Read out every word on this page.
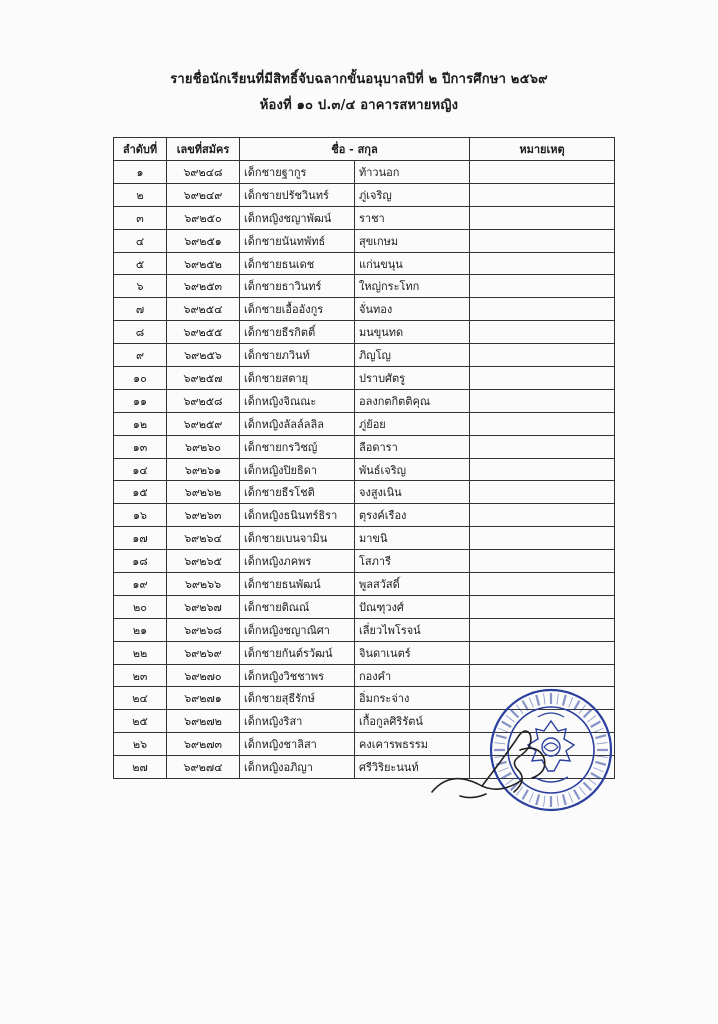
รายชื่อนักเรียนที่มีสิทธิ์จับฉลากขั้นอนุบาลปีที่ ๒ ปีการศึกษา ๒๕๖๙
ห้องที่ ๑๐ ป.๓/๔ อาคารสหายหญิง
ลำดับที่	เลขที่สมัคร	ชื่อ - สกุล		หมายเหตุ
๑	๖๙๒๔๘	เด็กชายฐากูร	ท้าวนอก	
๒	๖๙๒๔๙	เด็กชายปรัชวินทร์	ภู่เจริญ	
๓	๖๙๒๕๐	เด็กหญิงชญาพัฒน์	ราชา	
๔	๖๙๒๕๑	เด็กชายนันทพัทธ์	สุขเกษม	
๕	๖๙๒๕๒	เด็กชายธนเดช	แก่นขนุน	
๖	๖๙๒๕๓	เด็กชายธาวินทร์	ใหญ่กระโทก	
๗	๖๙๒๕๔	เด็กชายเอื้ออังกูร	จั่นทอง	
๘	๖๙๒๕๕	เด็กชายธีรกิตติ์	มนขุนทด	
๙	๖๙๒๕๖	เด็กชายภวินท์	ภิญโญ	
๑๐	๖๙๒๕๗	เด็กชายสตายุ	ปราบศัตรู	
๑๑	๖๙๒๕๘	เด็กหญิงจิณณะ	อลงกตกิตติคุณ	
๑๒	๖๙๒๕๙	เด็กหญิงลัลล์ลลิล	ภู่ย้อย	
๑๓	๖๙๒๖๐	เด็กชายกรวิชญ์	ลือดารา	
๑๔	๖๙๒๖๑	เด็กหญิงปิยธิดา	พันธ์เจริญ	
๑๕	๖๙๒๖๒	เด็กชายธีรโชติ	จงสูงเนิน	
๑๖	๖๙๒๖๓	เด็กหญิงธนินทร์ธิรา	ตุรงค์เรือง	
๑๗	๖๙๒๖๔	เด็กชายเบนจามิน	มาขนิ	
๑๘	๖๙๒๖๕	เด็กหญิงภคพร	โสภารี	
๑๙	๖๙๒๖๖	เด็กชายธนพัฒน์	พูลสวัสดิ์	
๒๐	๖๙๒๖๗	เด็กชายติณณ์	ปัณฑุวงศ์	
๒๑	๖๙๒๖๘	เด็กหญิงชญาณิศา	เลี่ยวไพโรจน์	
๒๒	๖๙๒๖๙	เด็กชายกันต์รวัฒน์	จินดาเนตร์	
๒๓	๖๙๒๗๐	เด็กหญิงวิชชาพร	กองคำ	
๒๔	๖๙๒๗๑	เด็กชายสุธีรักษ์	อิ่มกระจ่าง	
๒๕	๖๙๒๗๒	เด็กหญิงริสา	เกื้อกูลศิริรัตน์	
๒๖	๖๙๒๗๓	เด็กหญิงชาลิสา	คงเคารพธรรม	
๒๗	๖๙๒๗๔	เด็กหญิงอภิญา	ศรีวิริยะนนท์	
